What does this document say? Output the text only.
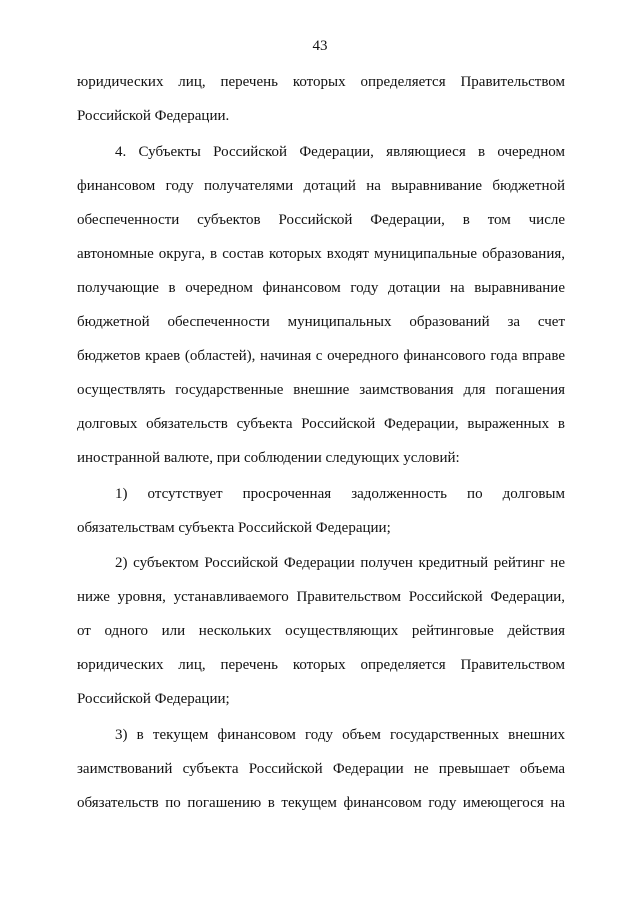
43
юридических лиц, перечень которых определяется Правительством
Российской Федерации.
4. Субъекты Российской Федерации, являющиеся в очередном
финансовом году получателями дотаций на выравнивание бюджетной
обеспеченности субъектов Российской Федерации, в том числе
автономные округа, в состав которых входят муниципальные образования,
получающие в очередном финансовом году дотации на выравнивание
бюджетной обеспеченности муниципальных образований за счет
бюджетов краев (областей), начиная с очередного финансового года вправе
осуществлять государственные внешние заимствования для погашения
долговых обязательств субъекта Российской Федерации, выраженных в
иностранной валюте, при соблюдении следующих условий:
1) отсутствует просроченная задолженность по долговым
обязательствам субъекта Российской Федерации;
2) субъектом Российской Федерации получен кредитный рейтинг не
ниже уровня, устанавливаемого Правительством Российской Федерации,
от одного или нескольких осуществляющих рейтинговые действия
юридических лиц, перечень которых определяется Правительством
Российской Федерации;
3) в текущем финансовом году объем государственных внешних
заимствований субъекта Российской Федерации не превышает объема
обязательств по погашению в текущем финансовом году имеющегося на
